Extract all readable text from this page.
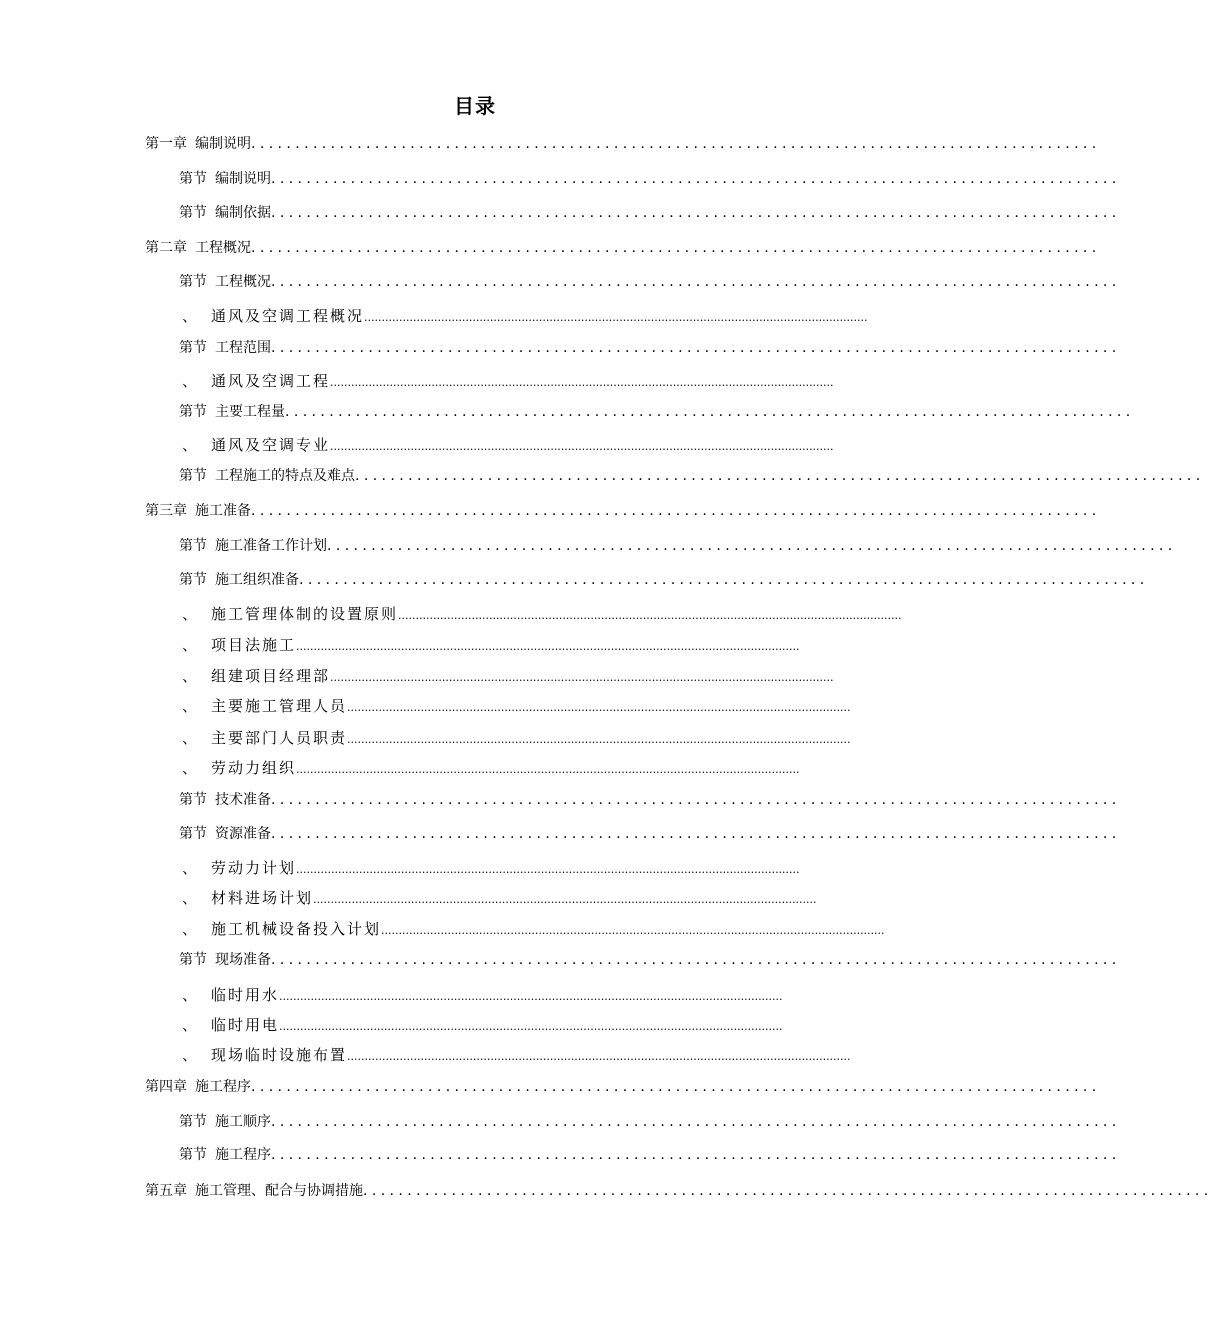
目录
第一章 编制说明 ................................................................................................
第节 编制说明 ................................................................................................
第节 编制依据 ................................................................................................
第二章 工程概况 ................................................................................................
第节 工程概况 ................................................................................................
、 通风及空调工程概况 ................................................................................................................................................
第节 工程范围 ................................................................................................
、 通风及空调工程 ................................................................................................................................................
第节 主要工程量 ................................................................................................
、 通风及空调专业 ................................................................................................................................................
第节 工程施工的特点及难点 ................................................................................................
第三章 施工准备 ................................................................................................
第节 施工准备工作计划 ................................................................................................
第节 施工组织准备 ................................................................................................
、 施工管理体制的设置原则 ................................................................................................................................................
、 项目法施工 ................................................................................................................................................
、 组建项目经理部 ................................................................................................................................................
、 主要施工管理人员 ................................................................................................................................................
、 主要部门人员职责 ................................................................................................................................................
、 劳动力组织 ................................................................................................................................................
第节 技术准备 ................................................................................................
第节 资源准备 ................................................................................................
、 劳动力计划 ................................................................................................................................................
、 材料进场计划 ................................................................................................................................................
、 施工机械设备投入计划 ................................................................................................................................................
第节 现场准备 ................................................................................................
、 临时用水 ................................................................................................................................................
、 临时用电 ................................................................................................................................................
、 现场临时设施布置 ................................................................................................................................................
第四章 施工程序 ................................................................................................
第节 施工顺序 ................................................................................................
第节 施工程序 ................................................................................................
第五章 施工管理、配合与协调措施 ................................................................................................
